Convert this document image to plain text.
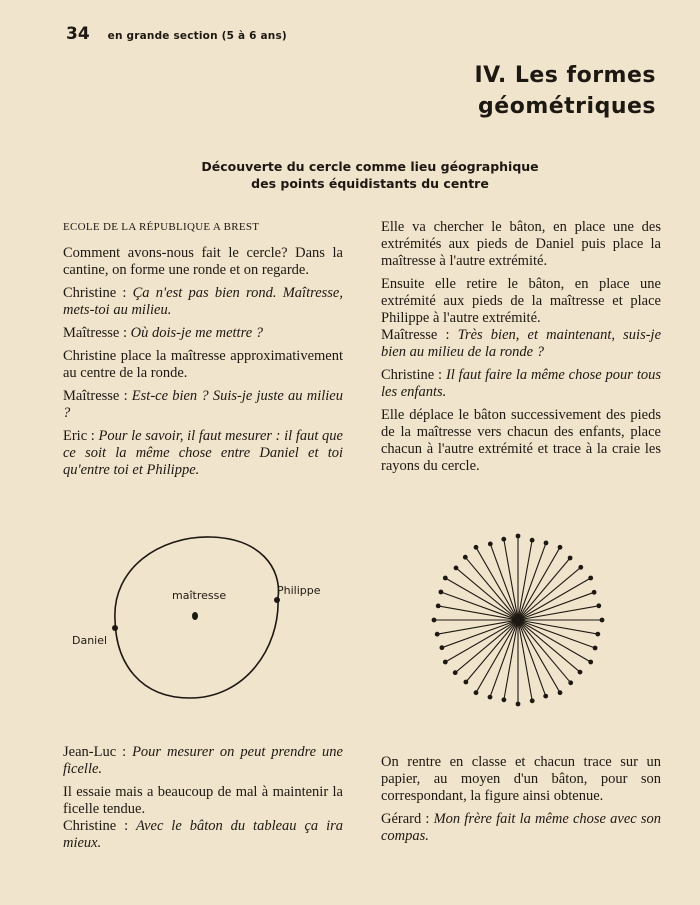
34 en grande section (5 à 6 ans)
IV. Les formes
géométriques
Découverte du cercle comme lieu géographique
des points équidistants du centre
ECOLE DE LA RÉPUBLIQUE A BREST
Comment avons-nous fait le cercle? Dans la cantine, on forme une ronde et on regarde.
Christine : Ça n'est pas bien rond. Maîtresse, mets-toi au milieu.
Maîtresse : Où dois-je me mettre ?
Christine place la maîtresse approximativement au centre de la ronde.
Maîtresse : Est-ce bien ? Suis-je juste au milieu ?
Eric : Pour le savoir, il faut mesurer : il faut que ce soit la même chose entre Daniel et toi qu'entre toi et Philippe.
Elle va chercher le bâton, en place une des extrémités aux pieds de Daniel puis place la maîtresse à l'autre extrémité.
Ensuite elle retire le bâton, en place une extrémité aux pieds de la maîtresse et place Philippe à l'autre extrémité.
Maîtresse : Très bien, et maintenant, suis-je bien au milieu de la ronde ?
Christine : Il faut faire la même chose pour tous les enfants.
Elle déplace le bâton successivement des pieds de la maîtresse vers chacun des enfants, place chacun à l'autre extrémité et trace à la craie les rayons du cercle.
maîtresse	Philippe
Daniel
Jean-Luc : Pour mesurer on peut prendre une ficelle.
Il essaie mais a beaucoup de mal à maintenir la ficelle tendue.
Christine : Avec le bâton du tableau ça ira mieux.
On rentre en classe et chacun trace sur un papier, au moyen d'un bâton, pour son correspondant, la figure ainsi obtenue.
Gérard : Mon frère fait la même chose avec son compas.
